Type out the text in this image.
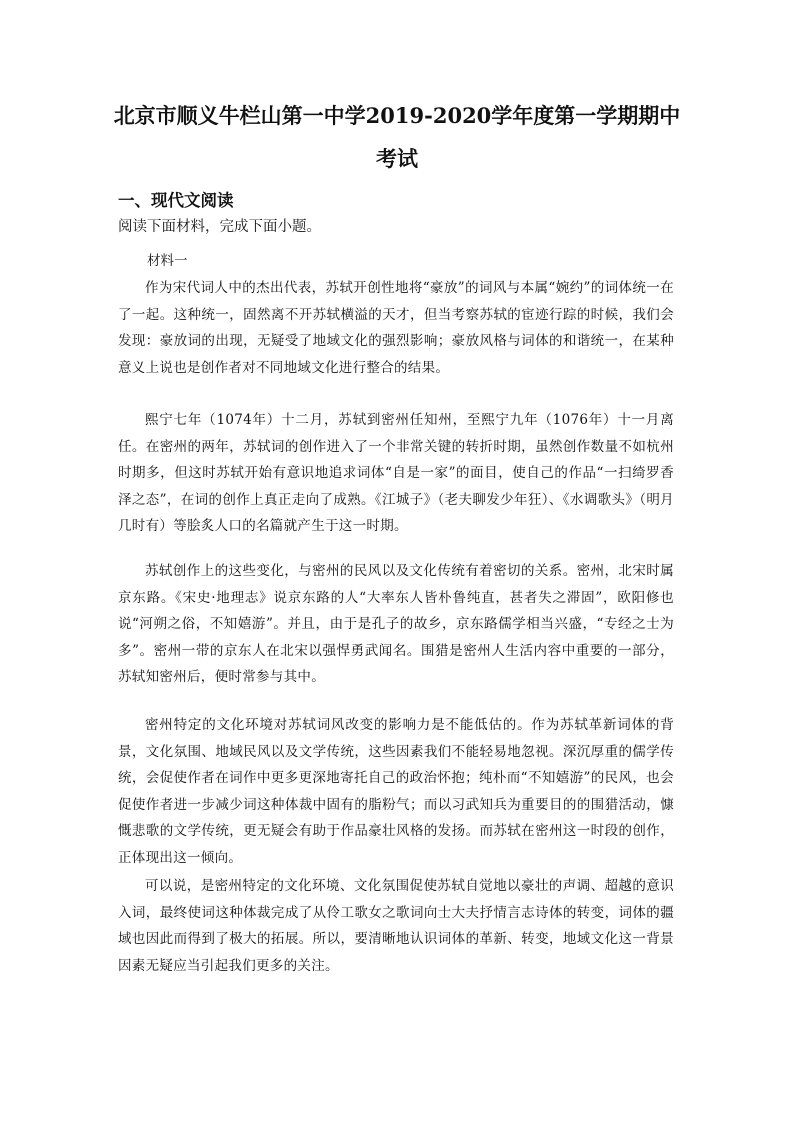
北京市顺义牛栏山第一中学2019-2020学年度第一学期期中
考试
一、现代文阅读
阅读下面材料，完成下面小题。
材料一

作为宋代词人中的杰出代表，苏轼开创性地将“豪放”的词风与本属“婉约”的词体统一在了一起。这种统一，固然离不开苏轼横溢的天才，但当考察苏轼的宦迹行踪的时候，我们会发现：豪放词的出现，无疑受了地域文化的强烈影响；豪放风格与词体的和谐统一，在某种意义上说也是创作者对不同地域文化进行整合的结果。

熙宁七年（1074年）十二月，苏轼到密州任知州，至熙宁九年（1076年）十一月离任。在密州的两年，苏轼词的创作进入了一个非常关键的转折时期，虽然创作数量不如杭州时期多，但这时苏轼开始有意识地追求词体“自是一家”的面目，使自己的作品“一扫绮罗香泽之态”，在词的创作上真正走向了成熟。《江城子》（老夫聊发少年狂）、《水调歌头》（明月几时有）等脍炙人口的名篇就产生于这一时期。

苏轼创作上的这些变化，与密州的民风以及文化传统有着密切的关系。密州，北宋时属京东路。《宋史·地理志》说京东路的人“大率东人皆朴鲁纯直，甚者失之滞固”，欧阳修也说“河朔之俗，不知嬉游”。并且，由于是孔子的故乡，京东路儒学相当兴盛，“专经之士为多”。密州一带的京东人在北宋以强悍勇武闻名。围猎是密州人生活内容中重要的一部分，苏轼知密州后，便时常参与其中。

密州特定的文化环境对苏轼词风改变的影响力是不能低估的。作为苏轼革新词体的背景，文化氛围、地域民风以及文学传统，这些因素我们不能轻易地忽视。深沉厚重的儒学传统，会促使作者在词作中更多更深地寄托自己的政治怀抱；纯朴而“不知嬉游”的民风，也会促使作者进一步减少词这种体裁中固有的脂粉气；而以习武知兵为重要目的的围猎活动，慷慨悲歌的文学传统，更无疑会有助于作品豪壮风格的发扬。而苏轼在密州这一时段的创作，正体现出这一倾向。

可以说，是密州特定的文化环境、文化氛围促使苏轼自觉地以豪壮的声调、超越的意识入词，最终使词这种体裁完成了从伶工歌女之歌词向士大夫抒情言志诗体的转变，词体的疆域也因此而得到了极大的拓展。所以，要清晰地认识词体的革新、转变，地域文化这一背景因素无疑应当引起我们更多的关注。
